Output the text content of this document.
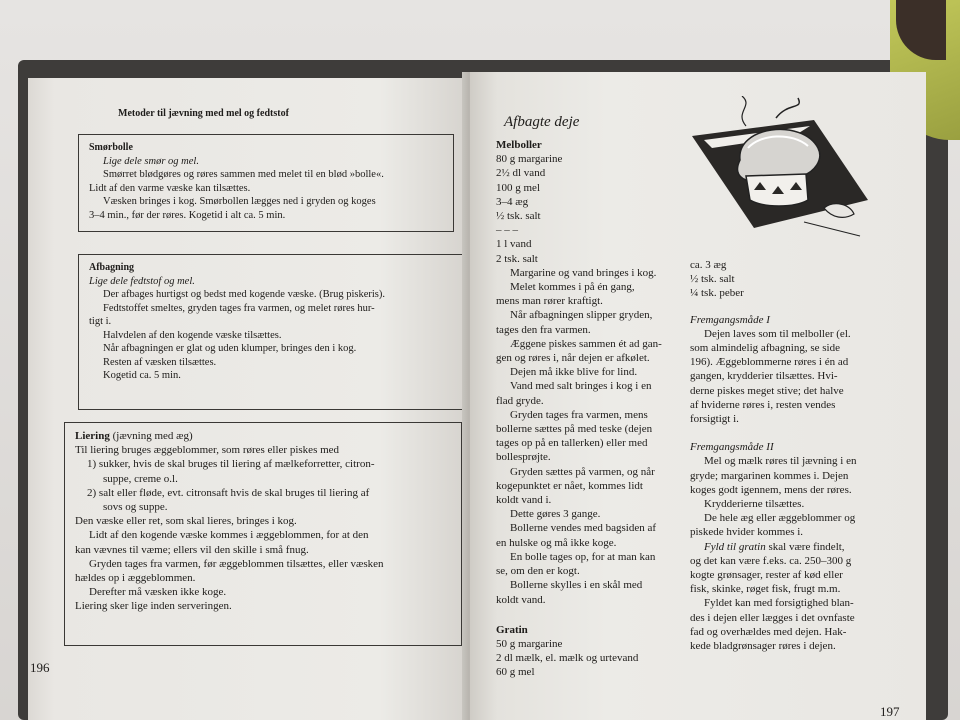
Metoder til jævning med mel og fedtstof

Smørbolle

Lige dele smør og mel.

Smørret blødgøres og røres sammen med melet til en blød »bolle«.

Lidt af den varme væske kan tilsættes.

Væsken bringes i kog. Smørbollen lægges ned i gryden og koges

3–4 min., før der røres. Kogetid i alt ca. 5 min.

Afbagning

Lige dele fedtstof og mel.

Der afbages hurtigst og bedst med kogende væske. (Brug piskeris).

Fedtstoffet smeltes, gryden tages fra varmen, og melet røres hur-

tigt i.

Halvdelen af den kogende væske tilsættes.

Når afbagningen er glat og uden klumper, bringes den i kog.

Resten af væsken tilsættes.

Kogetid ca. 5 min.

Liering (jævning med æg)

Til liering bruges æggeblommer, som røres eller piskes med

1) sukker, hvis de skal bruges til liering af mælkeforretter, citron-

suppe, creme o.l.

2) salt eller fløde, evt. citronsaft hvis de skal bruges til liering af

sovs og suppe.

Den væske eller ret, som skal lieres, bringes i kog.

Lidt af den kogende væske kommes i æggeblommen, for at den

kan vævnes til væme; ellers vil den skille i små fnug.

Gryden tages fra varmen, før æggeblommen tilsættes, eller væsken

hældes op i æggeblommen.

Derefter må væsken ikke koge.

Liering sker lige inden serveringen.

196
Afbagte deje

Melboller

80 g margarine

2½ dl vand

100 g mel

3–4 æg

½ tsk. salt

– – –

1 l vand

2 tsk. salt

Margarine og vand bringes i kog.

Melet kommes i på én gang,

mens man rører kraftigt.

Når afbagningen slipper gryden,

tages den fra varmen.

Æggene piskes sammen ét ad gan-

gen og røres i, når dejen er afkølet.

Dejen må ikke blive for lind.

Vand med salt bringes i kog i en

flad gryde.

Gryden tages fra varmen, mens

bollerne sættes på med teske (dejen

tages op på en tallerken) eller med

bollesprøjte.

Gryden sættes på varmen, og når

kogepunktet er nået, kommes lidt

koldt vand i.

Dette gøres 3 gange.

Bollerne vendes med bagsiden af

en hulske og må ikke koge.

En bolle tages op, for at man kan

se, om den er kogt.

Bollerne skylles i en skål med

koldt vand.

Gratin

50 g margarine

2 dl mælk, el. mælk og urtevand

60 g mel

ca. 3 æg

½ tsk. salt

¼ tsk. peber

Fremgangsmåde I

Dejen laves som til melboller (el.

som almindelig afbagning, se side

196). Æggeblommerne røres i én ad

gangen, krydderier tilsættes. Hvi-

derne piskes meget stive; det halve

af hviderne røres i, resten vendes

forsigtigt i.

Fremgangsmåde II

Mel og mælk røres til jævning i en

gryde; margarinen kommes i. Dejen

koges godt igennem, mens der røres.

Krydderierne tilsættes.

De hele æg eller æggeblommer og

piskede hvider kommes i.

Fyld til gratin skal være findelt,

og det kan være f.eks. ca. 250–300 g

kogte grønsager, rester af kød eller

fisk, skinke, røget fisk, frugt m.m.

Fyldet kan med forsigtighed blan-

des i dejen eller lægges i det ovnfaste

fad og overhældes med dejen. Hak-

kede bladgrønsager røres i dejen.

197
